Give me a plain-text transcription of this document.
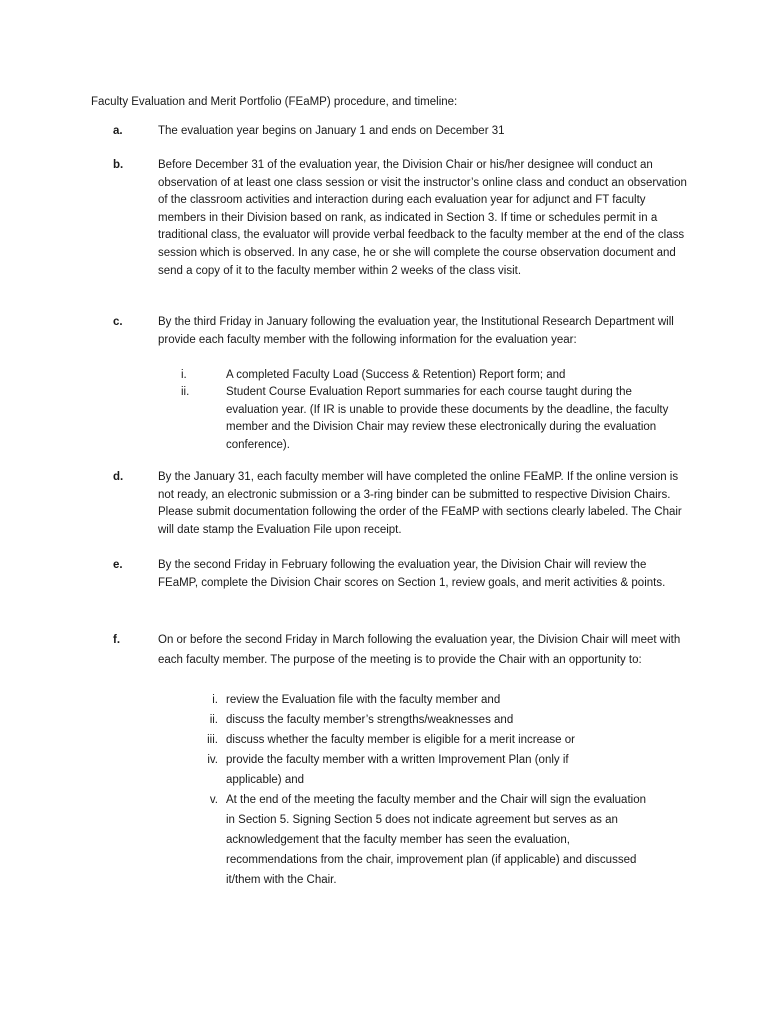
Faculty Evaluation and Merit Portfolio (FEaMP) procedure, and timeline:
a.	The evaluation year begins on January 1 and ends on December 31
b.	Before December 31 of the evaluation year, the Division Chair or his/her designee will conduct an observation of at least one class session or visit the instructor’s online class and conduct an observation of the classroom activities and interaction during each evaluation year for adjunct and FT faculty members in their Division based on rank, as indicated in Section 3. If time or schedules permit in a traditional class, the evaluator will provide verbal feedback to the faculty member at the end of the class session which is observed. In any case, he or she will complete the course observation document and send a copy of it to the faculty member within 2 weeks of the class visit.
c.	By the third Friday in January following the evaluation year, the Institutional Research Department will provide each faculty member with the following information for the evaluation year:
i.	A completed Faculty Load (Success & Retention) Report form; and
ii.	Student Course Evaluation Report summaries for each course taught during the evaluation year. (If IR is unable to provide these documents by the deadline, the faculty member and the Division Chair may review these electronically during the evaluation conference).
d.	By the January 31, each faculty member will have completed the online FEaMP. If the online version is not ready, an electronic submission or a 3-ring binder can be submitted to respective Division Chairs. Please submit documentation following the order of the FEaMP with sections clearly labeled. The Chair will date stamp the Evaluation File upon receipt.
e.	By the second Friday in February following the evaluation year, the Division Chair will review the FEaMP, complete the Division Chair scores on Section 1, review goals, and merit activities & points.
f.	On or before the second Friday in March following the evaluation year, the Division Chair will meet with each faculty member. The purpose of the meeting is to provide the Chair with an opportunity to:
i. review the Evaluation file with the faculty member and
ii. discuss the faculty member’s strengths/weaknesses and
iii. discuss whether the faculty member is eligible for a merit increase or
iv. provide the faculty member with a written Improvement Plan (only if applicable) and
v. At the end of the meeting the faculty member and the Chair will sign the evaluation in Section 5. Signing Section 5 does not indicate agreement but serves as an acknowledgement that the faculty member has seen the evaluation, recommendations from the chair, improvement plan (if applicable) and discussed it/them with the Chair.
